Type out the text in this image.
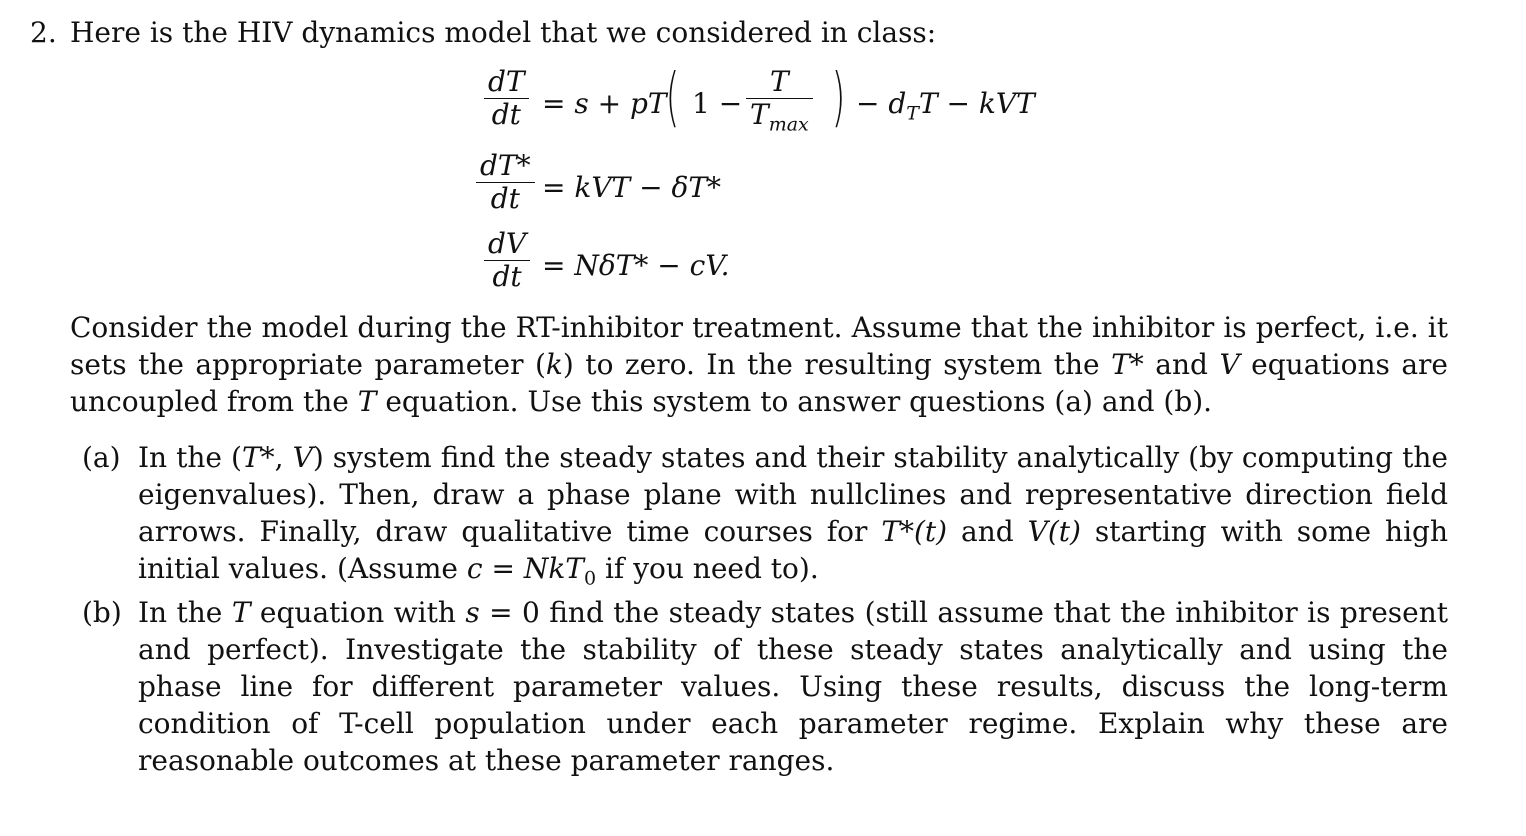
2. Here is the HIV dynamics model that we considered in class:
dT
dt = s + pT ( 1 −
T
$T_{max}$ ) − $d_TT$ − kVT
dT*
dt = kVT − δT*
dV
dt = NδT* − cV.
Consider the model during the RT-inhibitor treatment. Assume that the inhibitor is perfect, i.e. it sets the appropriate parameter (k) to zero. In the resulting system the T* and V equations are uncoupled from the T equation. Use this system to answer questions (a) and (b).
(a) In the (T*, V) system find the steady states and their stability analytically (by computing the eigenvalues). Then, draw a phase plane with nullclines and representative direction field arrows. Finally, draw qualitative time courses for T*(t) and V(t) starting with some high initial values. (Assume c = NkT$_0$ if you need to).
(b) In the T equation with s = 0 find the steady states (still assume that the inhibitor is present and perfect). Investigate the stability of these steady states analytically and using the phase line for different parameter values. Using these results, discuss the long-term condition of T-cell population under each parameter regime. Explain why these are reasonable outcomes at these parameter ranges.
